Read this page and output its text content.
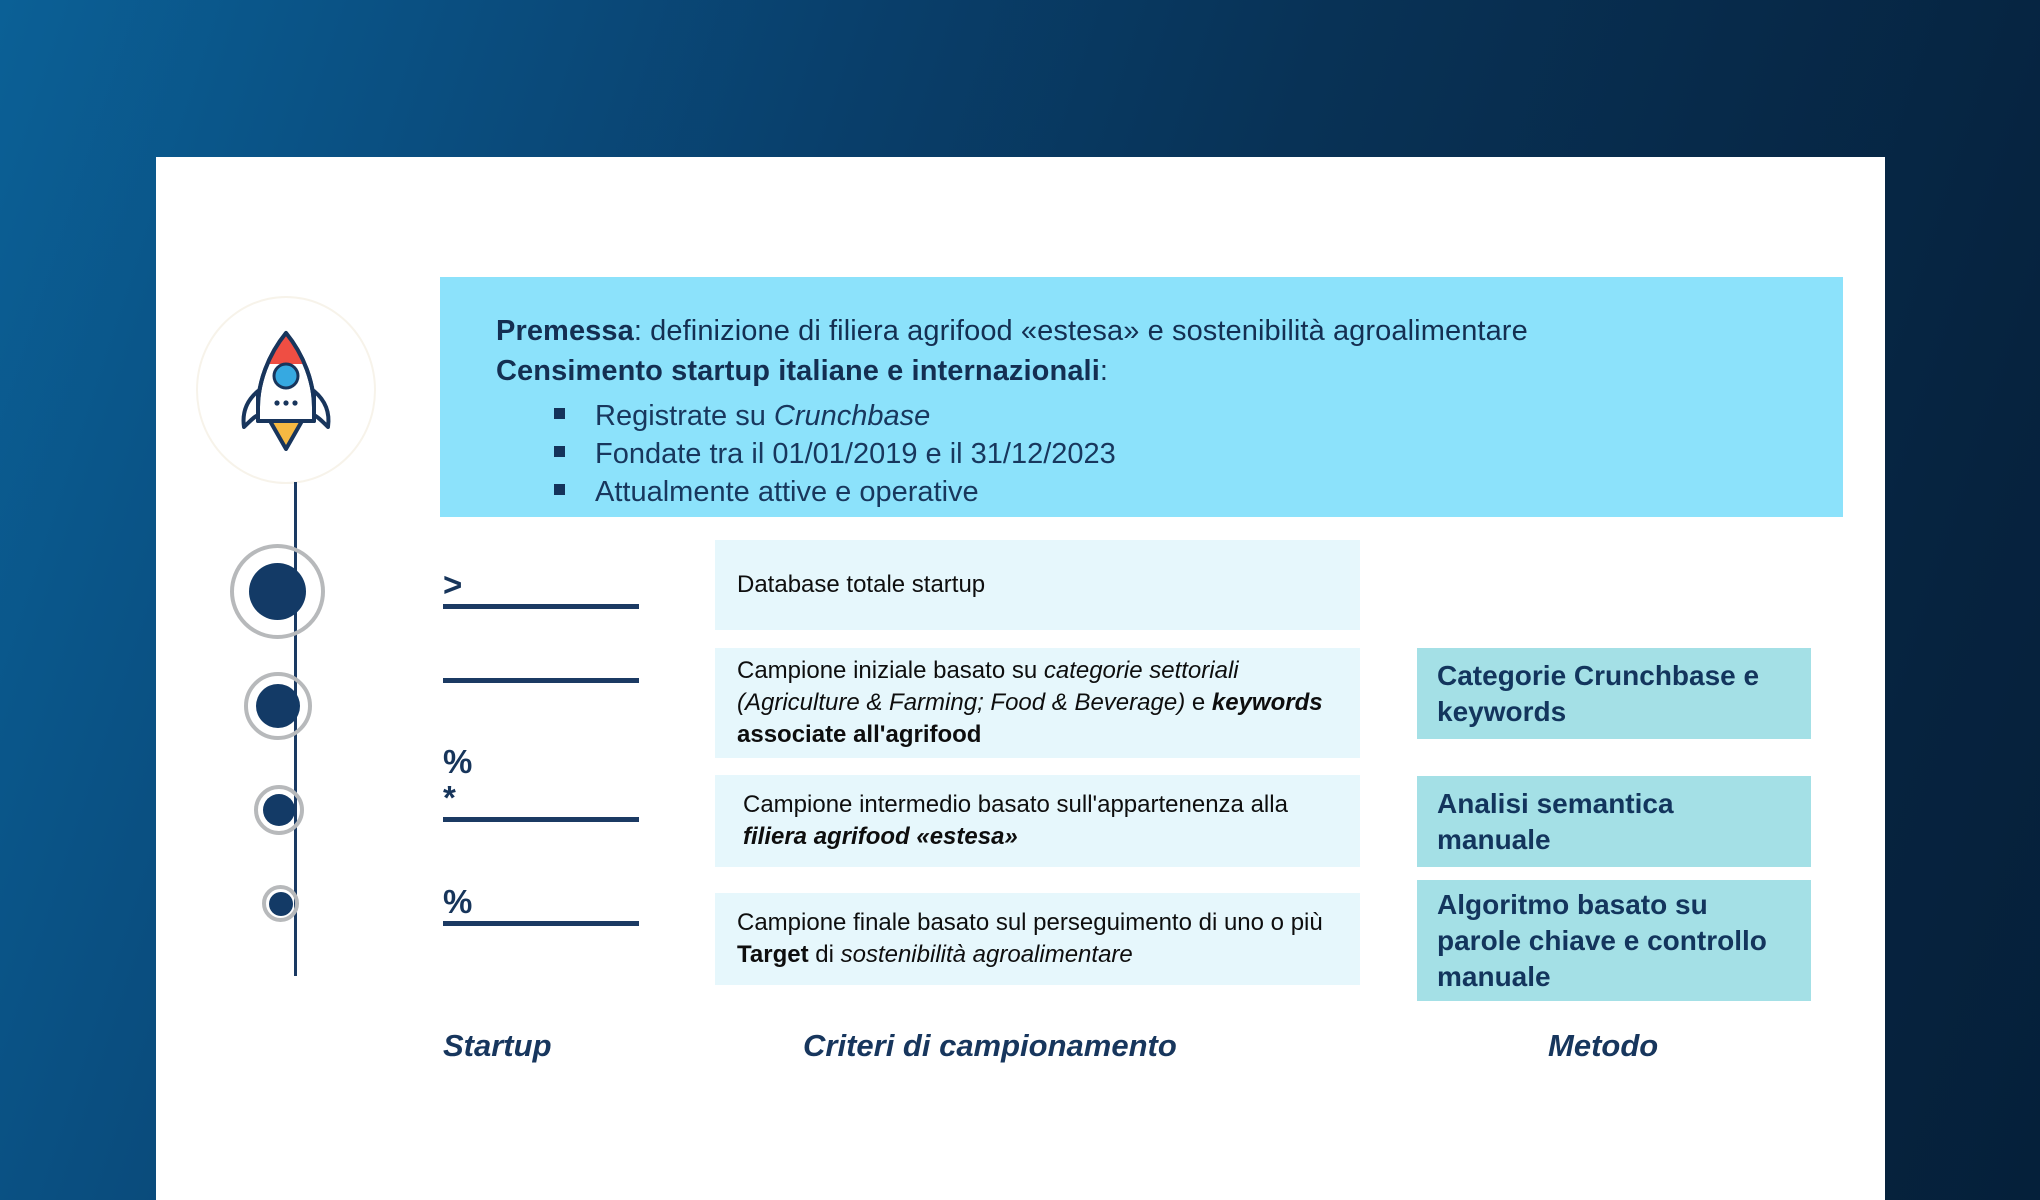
Premessa: definizione di filiera agrifood «estesa» e sostenibilità agroalimentare
Censimento startup italiane e internazionali:
Registrate su Crunchbase
Fondate tra il 01/01/2019 e il 31/12/2023
Attualmente attive e operative
>
%
*
%
Database totale startup
Campione iniziale basato su categorie settoriali (Agriculture & Farming; Food & Beverage) e keywords associate all'agrifood
Campione intermedio basato sull'appartenenza alla filiera agrifood «estesa»
Campione finale basato sul perseguimento di uno o più Target di sostenibilità agroalimentare
Categorie Crunchbase e keywords
Analisi semantica manuale
Algoritmo basato su parole chiave e controllo manuale
Startup	Criteri di campionamento	Metodo
